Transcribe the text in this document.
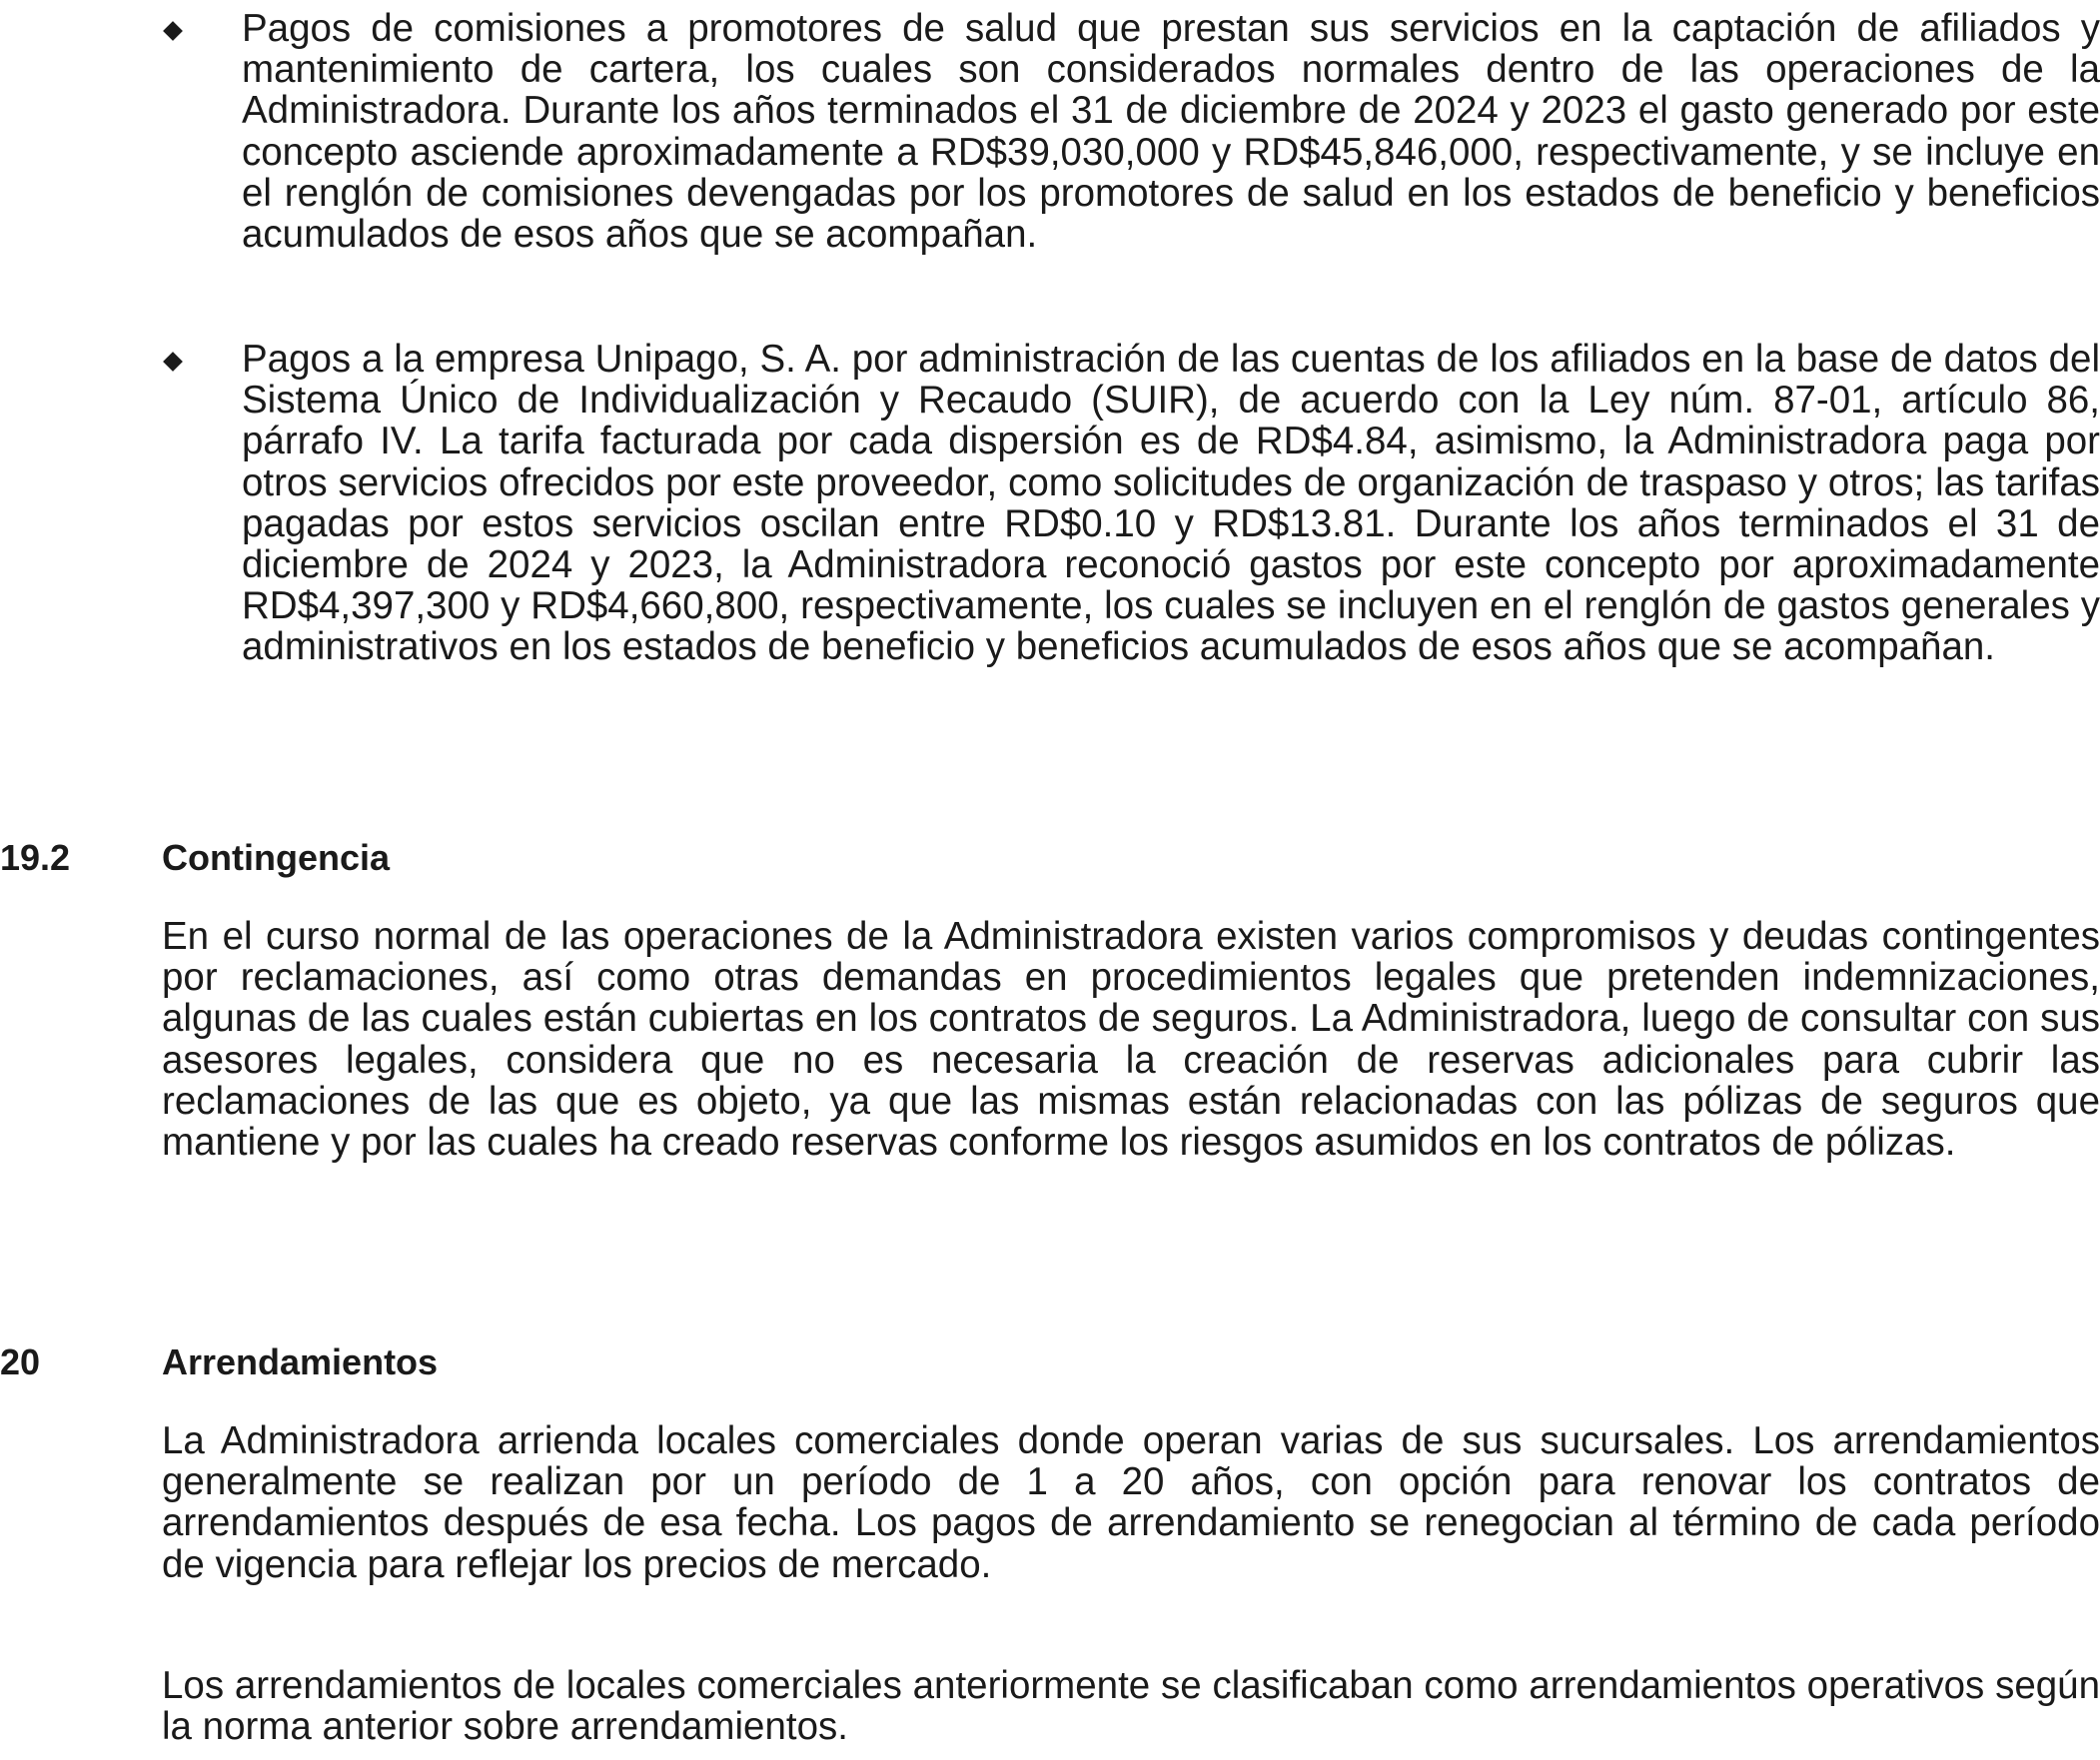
Pagos de comisiones a promotores de salud que prestan sus servicios en la captación de afiliados y mantenimiento de cartera, los cuales son considerados normales dentro de las operaciones de la Administradora. Durante los años terminados el 31 de diciembre de 2024 y 2023 el gasto generado por este concepto asciende aproximadamente a RD$39,030,000 y RD$45,846,000, respectivamente, y se incluye en el renglón de comisiones devengadas por los promotores de salud en los estados de beneficio y beneficios acumulados de esos años que se acompañan.

Pagos a la empresa Unipago, S. A. por administración de las cuentas de los afiliados en la base de datos del Sistema Único de Individualización y Recaudo (SUIR), de acuerdo con la Ley núm. 87-01, artículo 86, párrafo IV. La tarifa facturada por cada dispersión es de RD$4.84, asimismo, la Administradora paga por otros servicios ofrecidos por este proveedor, como solicitudes de organización de traspaso y otros; las tarifas pagadas por estos servicios oscilan entre RD$0.10 y RD$13.81. Durante los años terminados el 31 de diciembre de 2024 y 2023, la Administradora reconoció gastos por este concepto por aproximadamente RD$4,397,300 y RD$4,660,800, respectivamente, los cuales se incluyen en el renglón de gastos generales y administrativos en los estados de beneficio y beneficios acumulados de esos años que se acompañan.

19.2	Contingencia

En el curso normal de las operaciones de la Administradora existen varios compromisos y deudas contingentes por reclamaciones, así como otras demandas en procedimientos legales que pretenden indemnizaciones, algunas de las cuales están cubiertas en los contratos de seguros. La Administradora, luego de consultar con sus asesores legales, considera que no es necesaria la creación de reservas adicionales para cubrir las reclamaciones de las que es objeto, ya que las mismas están relacionadas con las pólizas de seguros que mantiene y por las cuales ha creado reservas conforme los riesgos asumidos en los contratos de pólizas.

20	Arrendamientos

La Administradora arrienda locales comerciales donde operan varias de sus sucursales. Los arrendamientos generalmente se realizan por un período de 1 a 20 años, con opción para renovar los contratos de arrendamientos después de esa fecha. Los pagos de arrendamiento se renegocian al término de cada período de vigencia para reflejar los precios de mercado.

Los arrendamientos de locales comerciales anteriormente se clasificaban como arrendamientos operativos según la norma anterior sobre arrendamientos.
